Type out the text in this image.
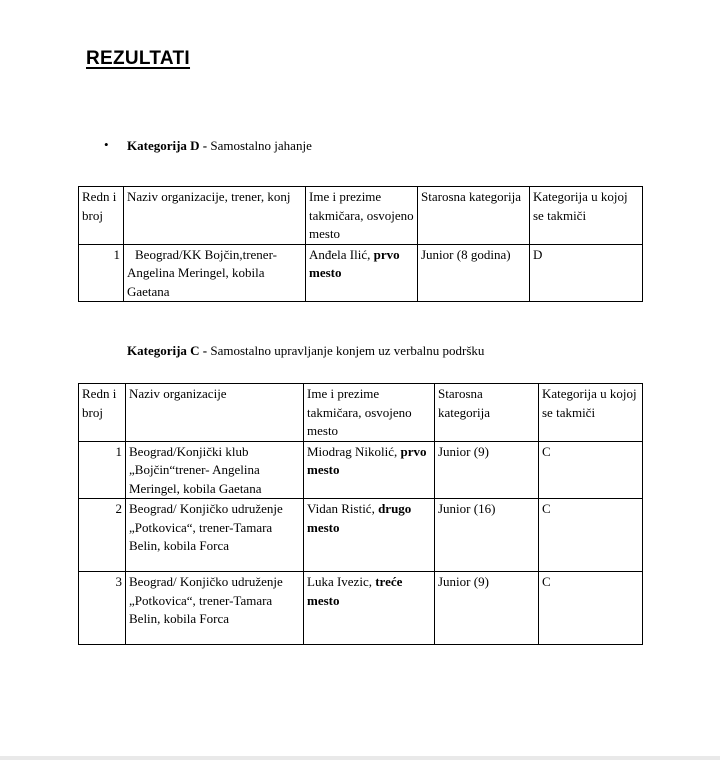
REZULTATI
• Kategorija D - Samostalno jahanje
Redn i broj	Naziv organizacije, trener, konj	Ime i prezime takmičara, osvojeno mesto	Starosna kategorija	Kategorija u kojoj se takmiči
1	Beograd/KK Bojčin,trener-Angelina Meringel, kobila Gaetana	Anđela Ilić, prvo mesto	Junior (8 godina)	D
Kategorija C - Samostalno upravljanje konjem uz verbalnu podršku
Redn i broj	Naziv organizacije	Ime i prezime takmičara, osvojeno mesto	Starosna kategorija	Kategorija u kojoj se takmiči
1	Beograd/Konjički klub „Bojčin“trener- Angelina Meringel, kobila Gaetana	Miodrag Nikolić, prvo mesto	Junior (9)	C
2	Beograd/ Konjičko udruženje „Potkovica“, trener-Tamara Belin, kobila Forca	Vidan Ristić, drugo mesto	Junior (16)	C
3	Beograd/ Konjičko udruženje „Potkovica“, trener-Tamara Belin, kobila Forca	Luka Ivezic, treće mesto	Junior (9)	C
